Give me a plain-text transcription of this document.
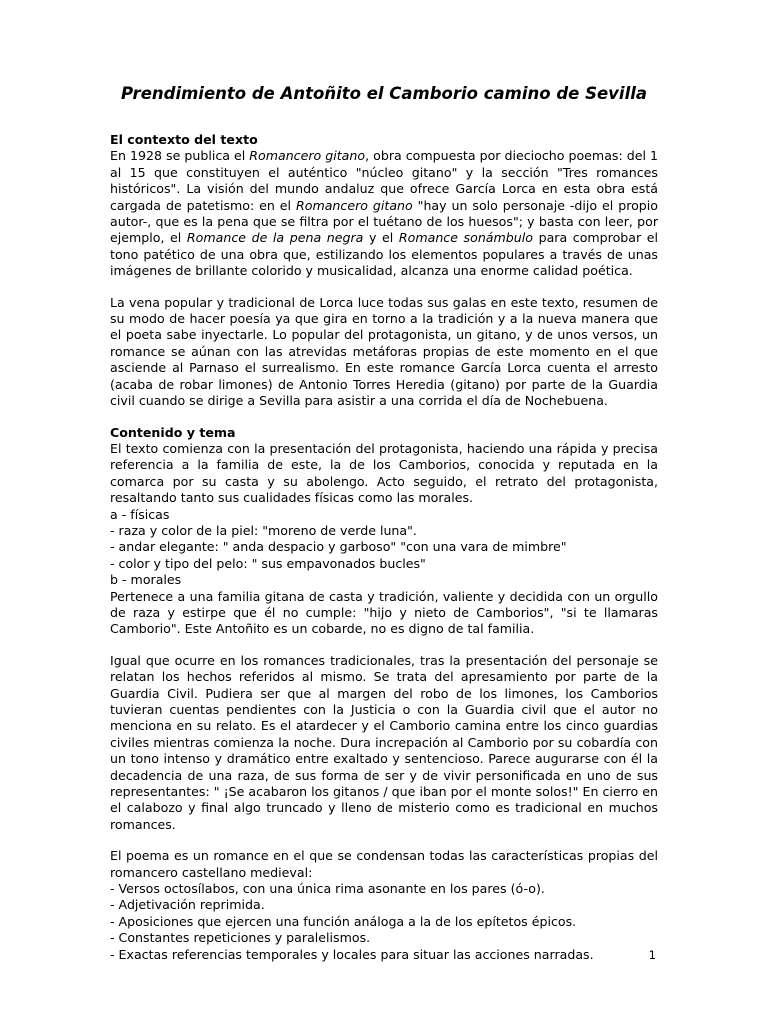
Prendimiento de Antoñito el Camborio camino de Sevilla

El contexto del texto

En 1928 se publica el Romancero gitano, obra compuesta por dieciocho poemas: del 1 al 15 que constituyen el auténtico "núcleo gitano" y la sección "Tres romances históricos". La visión del mundo andaluz que ofrece García Lorca en esta obra está cargada de patetismo: en el Romancero gitano "hay un solo personaje -dijo el propio autor-, que es la pena que se filtra por el tuétano de los huesos"; y basta con leer, por ejemplo, el Romance de la pena negra y el Romance sonámbulo para comprobar el tono patético de una obra que, estilizando los elementos populares a través de unas imágenes de brillante colorido y musicalidad, alcanza una enorme calidad poética.

La vena popular y tradicional de Lorca luce todas sus galas en este texto, resumen de su modo de hacer poesía ya que gira en torno a la tradición y a la nueva manera que el poeta sabe inyectarle. Lo popular del protagonista, un gitano, y de unos versos, un romance se aúnan con las atrevidas metáforas propias de este momento en el que asciende al Parnaso el surrealismo. En este romance García Lorca cuenta el arresto (acaba de robar limones) de Antonio Torres Heredia (gitano) por parte de la Guardia civil cuando se dirige a Sevilla para asistir a una corrida el día de Nochebuena.

Contenido y tema

El texto comienza con la presentación del protagonista, haciendo una rápida y precisa referencia a la familia de este, la de los Camborios, conocida y reputada en la comarca por su casta y su abolengo. Acto seguido, el retrato del protagonista, resaltando tanto sus cualidades físicas como las morales.

a - físicas

- raza y color de la piel: "moreno de verde luna".

- andar elegante: " anda despacio y garboso" "con una vara de mimbre"

- color y tipo del pelo: " sus empavonados bucles"

b - morales

Pertenece a una familia gitana de casta y tradición, valiente y decidida con un orgullo de raza y estirpe que él no cumple: "hijo y nieto de Camborios", "si te llamaras Camborio". Este Antoñito es un cobarde, no es digno de tal familia.

Igual que ocurre en los romances tradicionales, tras la presentación del personaje se relatan los hechos referidos al mismo. Se trata del apresamiento por parte de la Guardia Civil. Pudiera ser que al margen del robo de los limones, los Camborios tuvieran cuentas pendientes con la Justicia o con la Guardia civil que el autor no menciona en su relato. Es el atardecer y el Camborio camina entre los cinco guardias civiles mientras comienza la noche. Dura increpación al Camborio por su cobardía con un tono intenso y dramático entre exaltado y sentencioso. Parece augurarse con él la decadencia de una raza, de sus forma de ser y de vivir personificada en uno de sus representantes: " ¡Se acabaron los gitanos / que iban por el monte solos!" En cierro en el calabozo y final algo truncado y lleno de misterio como es tradicional en muchos romances.

El poema es un romance en el que se condensan todas las características propias del romancero castellano medieval:

- Versos octosílabos, con una única rima asonante en los pares (ó-o).

- Adjetivación reprimida.

- Aposiciones que ejercen una función análoga a la de los epítetos épicos.

- Constantes repeticiones y paralelismos.

- Exactas referencias temporales y locales para situar las acciones narradas.	1
